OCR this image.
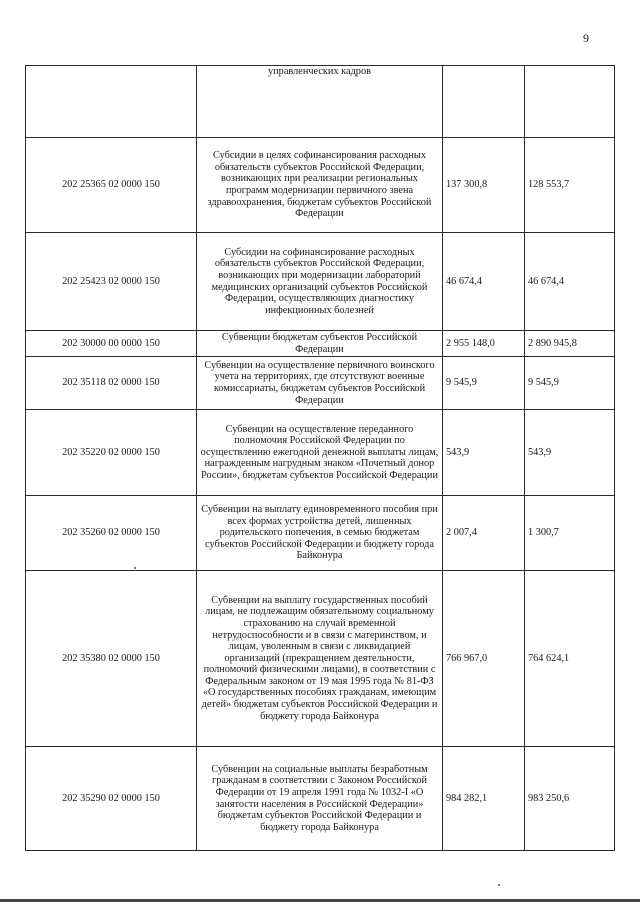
9
	управленческих кадров		
202 25365 02 0000 150	Субсидии в целях софинансирования расходных обязательств субъектов Российской Федерации, возникающих при реализации региональных программ модернизации первичного звена здравоохранения, бюджетам субъектов Российской Федерации	137 300,8	128 553,7
202 25423 02 0000 150	Субсидии на софинансирование расходных обязательств субъектов Российской Федерации, возникающих при модернизации лабораторий медицинских организаций субъектов Российской Федерации, осуществляющих диагностику инфекционных болезней	46 674,4	46 674,4
202 30000 00 0000 150	Субвенции бюджетам субъектов Российской Федерации	2 955 148,0	2 890 945,8
202 35118 02 0000 150	Субвенции на осуществление первичного воинского учета на территориях, где отсутствуют военные комиссариаты, бюджетам субъектов Российской Федерации	9 545,9	9 545,9
202 35220 02 0000 150	Субвенции на осуществление переданного полномочия Российской Федерации по осуществлению ежегодной денежной выплаты лицам, награжденным нагрудным знаком «Почетный донор России», бюджетам субъектов Российской Федерации	543,9	543,9
202 35260 02 0000 150	Субвенции на выплату единовременного пособия при всех формах устройства детей, лишенных родительского попечения, в семью бюджетам субъектов Российской Федерации и бюджету города Байконура	2 007,4	1 300,7
202 35380 02 0000 150	Субвенции на выплату государственных пособий лицам, не подлежащим обязательному социальному страхованию на случай временной нетрудоспособности и в связи с материнством, и лицам, уволенным в связи с ликвидацией организаций (прекращением деятельности, полномочий физическими лицами), в соответствии с Федеральным законом от 19 мая 1995 года № 81-ФЗ «О государственных пособиях гражданам, имеющим детей» бюджетам субъектов Российской Федерации и бюджету города Байконура	766 967,0	764 624,1
202 35290 02 0000 150	Субвенции на социальные выплаты безработным гражданам в соответствии с Законом Российской Федерации от 19 апреля 1991 года № 1032-I «О занятости населения в Российской Федерации» бюджетам субъектов Российской Федерации и бюджету города Байконура	984 282,1	983 250,6
